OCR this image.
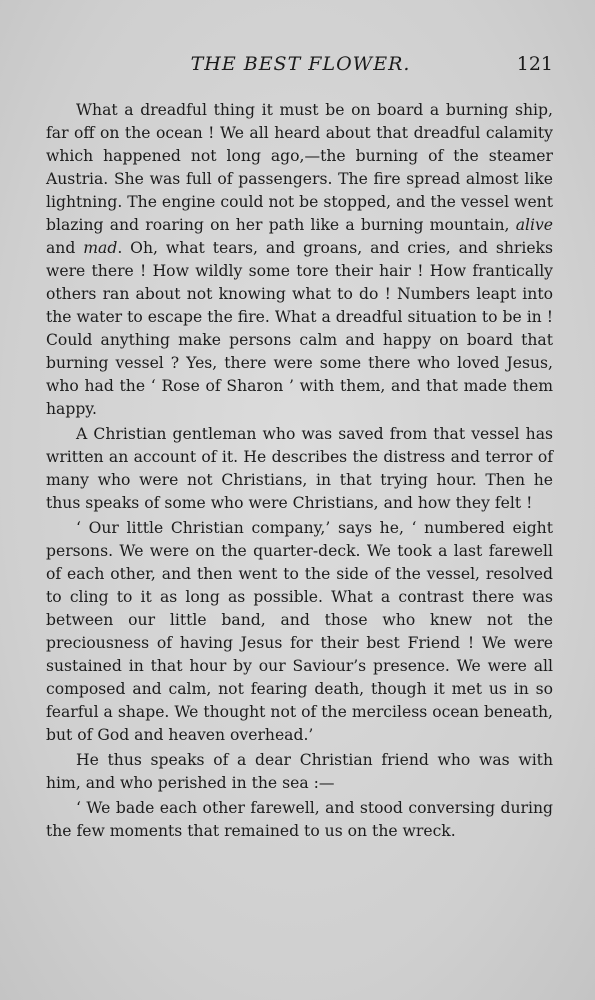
THE BEST FLOWER.	121

What a dreadful thing it must be on board a burning ship, far off on the ocean ! We all heard about that dreadful calamity which happened not long ago,—the burning of the steamer Austria. She was full of passengers. The fire spread almost like lightning. The engine could not be stopped, and the vessel went blazing and roaring on her path like a burning mountain, alive and mad. Oh, what tears, and groans, and cries, and shrieks were there ! How wildly some tore their hair ! How frantically others ran about not knowing what to do ! Numbers leapt into the water to escape the fire. What a dreadful situation to be in ! Could anything make persons calm and happy on board that burning vessel ? Yes, there were some there who loved Jesus, who had the ‘ Rose of Sharon ’ with them, and that made them happy.

A Christian gentleman who was saved from that vessel has written an account of it. He describes the distress and terror of many who were not Christians, in that trying hour. Then he thus speaks of some who were Christians, and how they felt !

‘ Our little Christian company,’ says he, ‘ numbered eight persons. We were on the quarter-deck. We took a last farewell of each other, and then went to the side of the vessel, resolved to cling to it as long as possible. What a contrast there was between our little band, and those who knew not the preciousness of having Jesus for their best Friend ! We were sustained in that hour by our Saviour’s presence. We were all composed and calm, not fearing death, though it met us in so fearful a shape. We thought not of the merciless ocean beneath, but of God and heaven overhead.’

He thus speaks of a dear Christian friend who was with him, and who perished in the sea :—

‘ We bade each other farewell, and stood conversing during the few moments that remained to us on the wreck.
